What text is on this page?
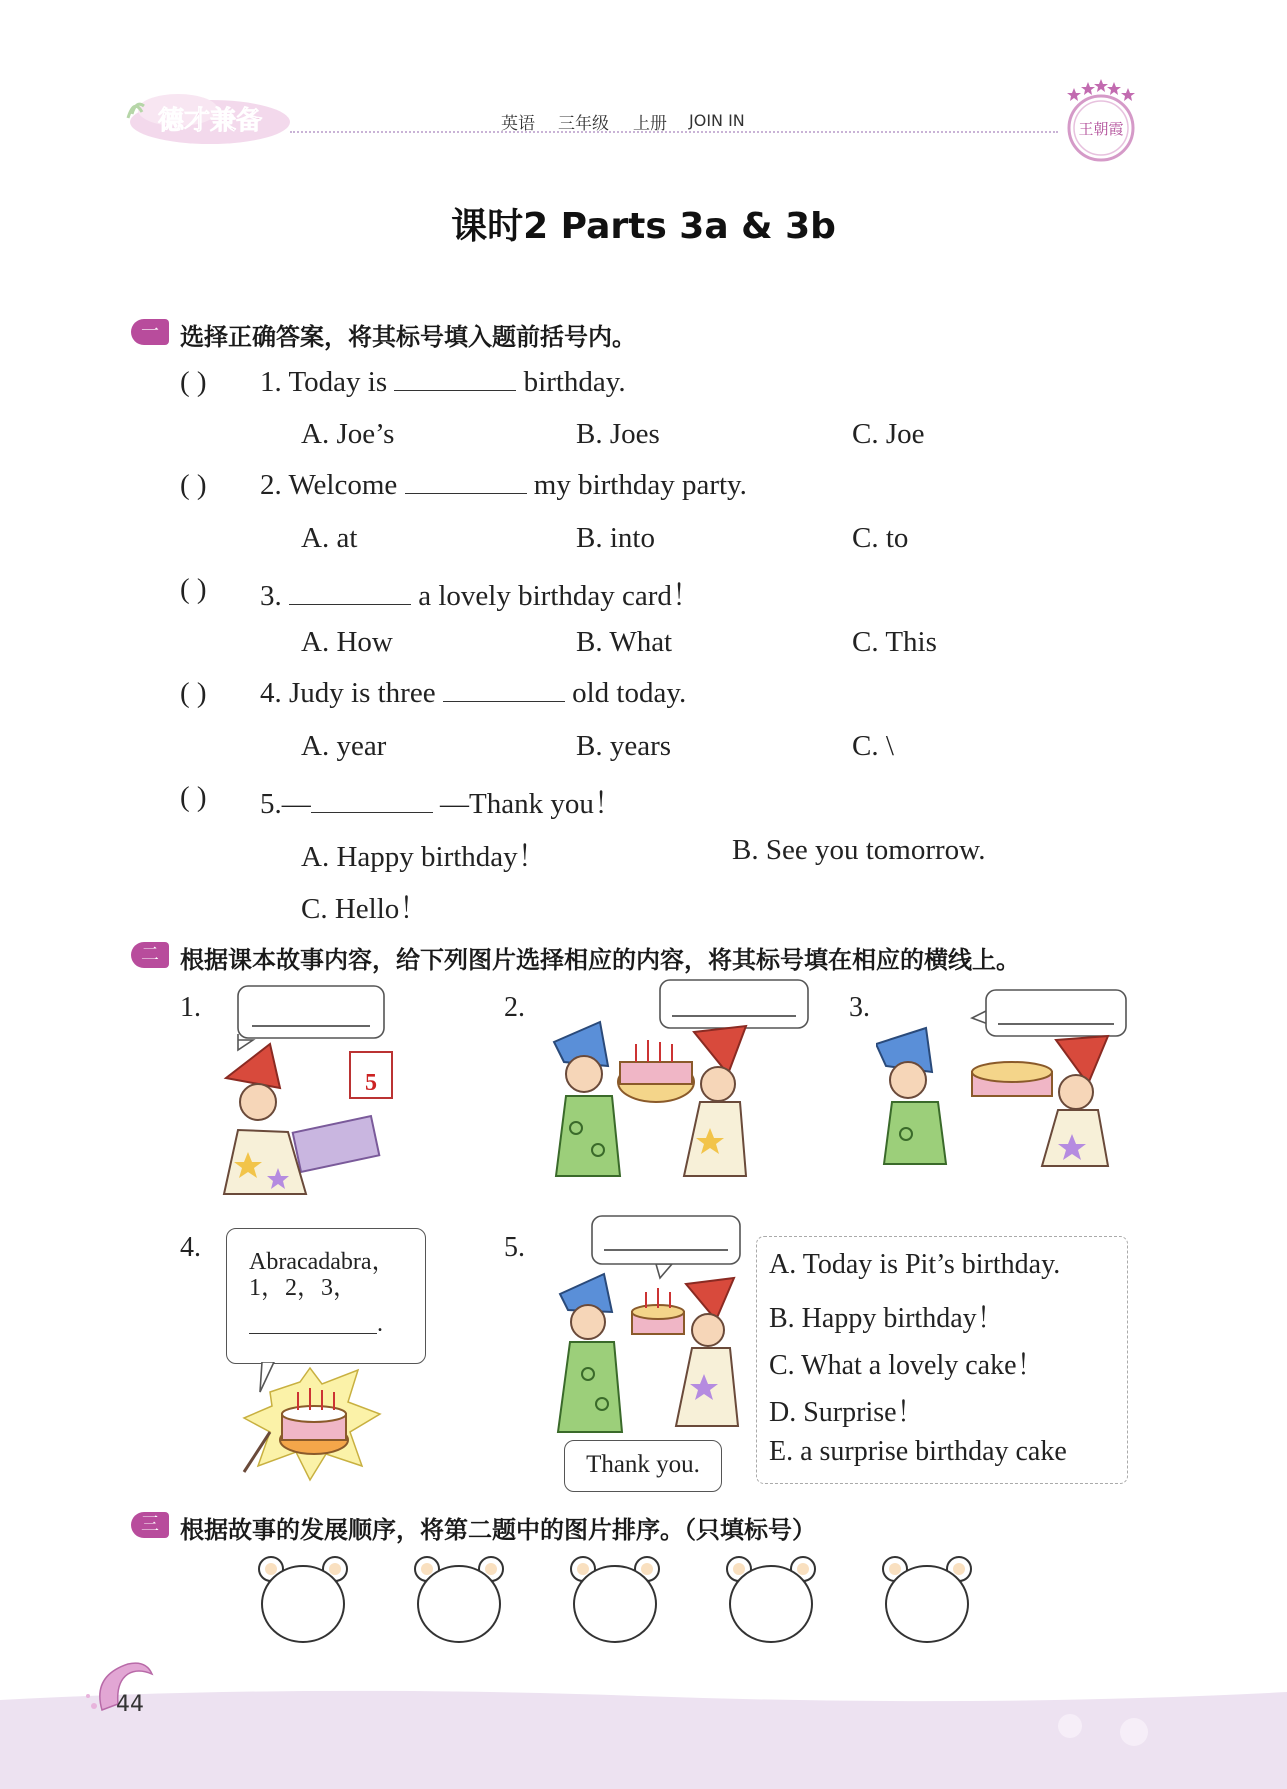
德才兼备	英语 三年级 上册 JOIN IN	王朝霞
课时2 Parts 3a & 3b
一 选择正确答案，将其标号填入题前括号内。
( ) 1. Today is	birthday.
A. Joe’s	B. Joes	C. Joe
( ) 2. Welcome	my birthday party.
A. at	B. into	C. to
( ) 3.	a lovely birthday card！
A. How	B. What	C. This
( ) 4. Judy is three	old today.
A. year	B. years	C. \
( ) 5.—	—Thank you！
A. Happy birthday！	B. See you tomorrow.
C. Hello！
二 根据课本故事内容，给下列图片选择相应的内容，将其标号填在相应的横线上。
1.
5
2.	3.
4. Abracadabra，
1，2，3，
.
5.
Thank you.
A. Today is Pit’s birthday.
B. Happy birthday！
C. What a lovely cake！
D. Surprise！
E. a surprise birthday cake
三 根据故事的发展顺序，将第二题中的图片排序。（只填标号）
44
